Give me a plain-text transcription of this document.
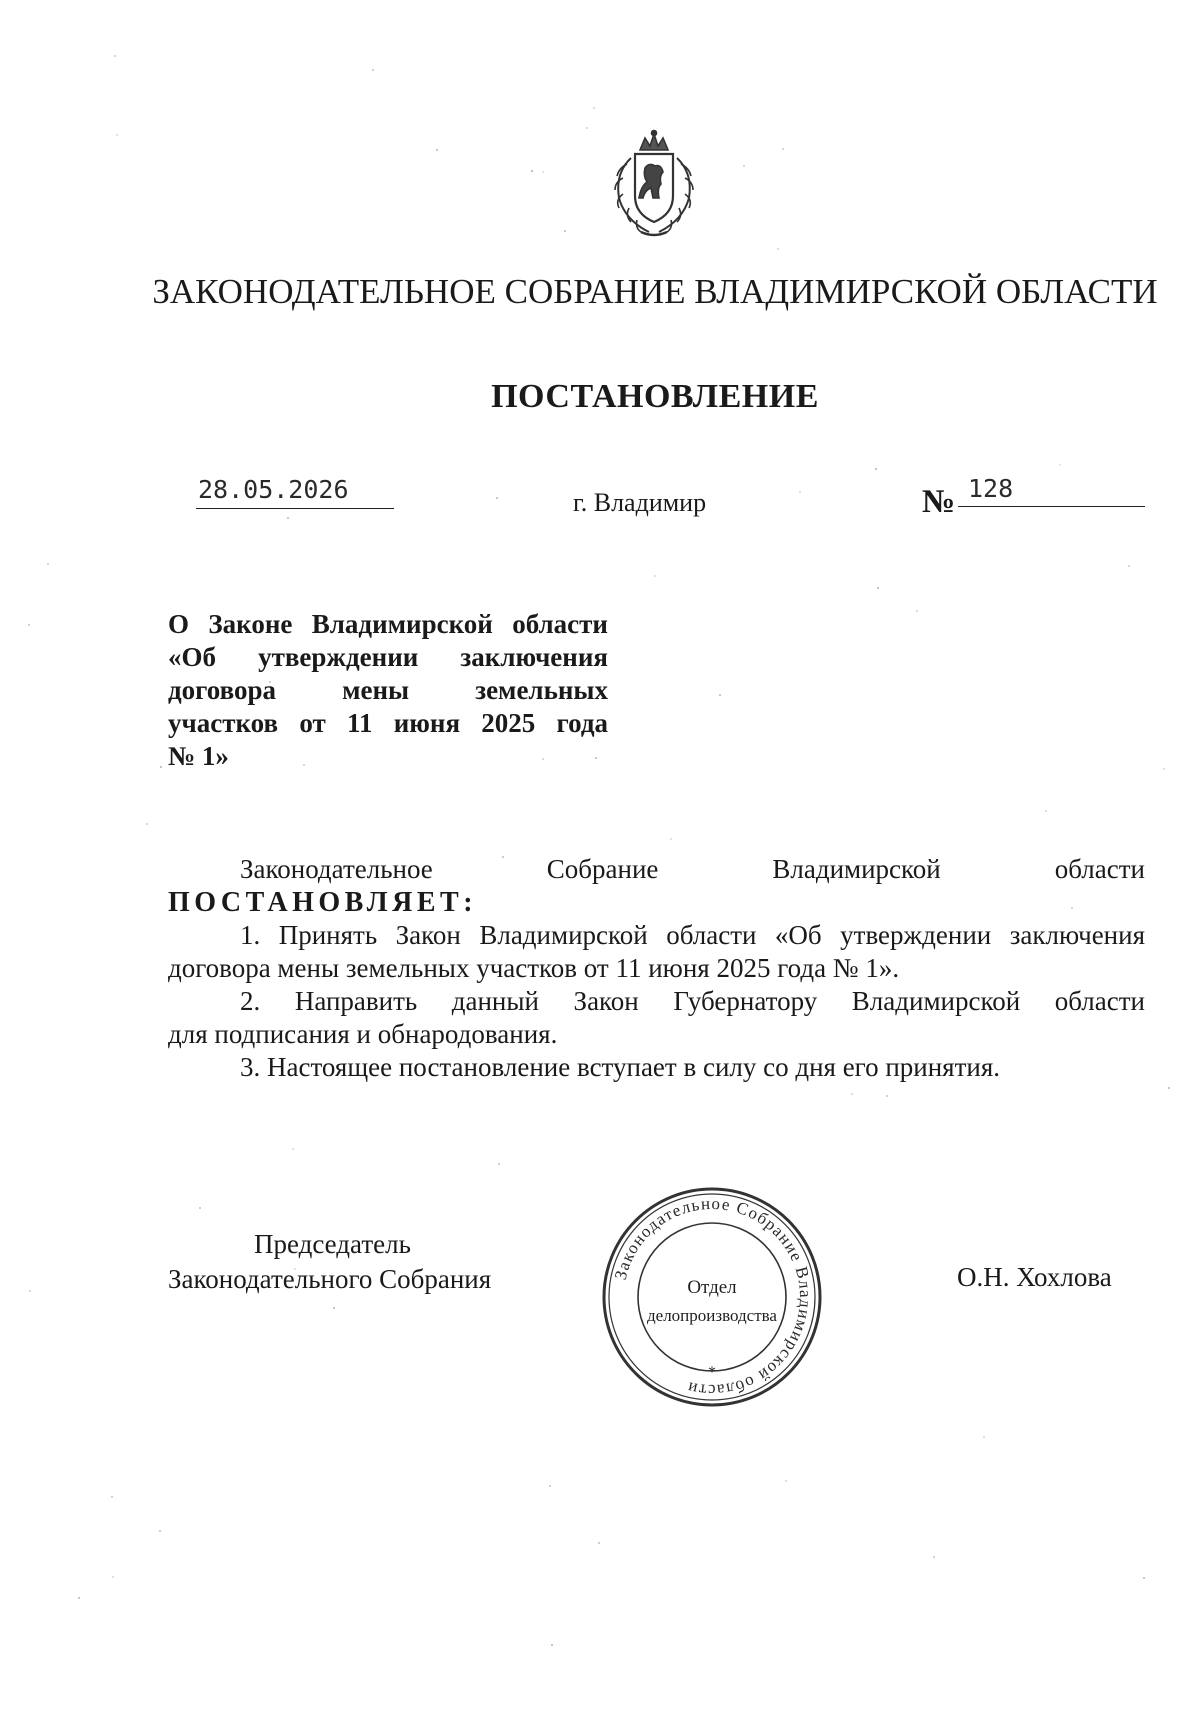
ЗАКОНОДАТЕЛЬНОЕ СОБРАНИЕ ВЛАДИМИРСКОЙ ОБЛАСТИ
ПОСТАНОВЛЕНИЕ
28.05.2026	г. Владимир	№ 128
О Законе Владимирской области
«Об утверждении заключения
договора мены земельных
участков от 11 июня 2025 года
№ 1»
Законодательное	Собрание	Владимирской	области
ПОСТАНОВЛЯЕТ:
1. Принять Закон Владимирской области «Об утверждении заключения
договора мены земельных участков от 11 июня 2025 года № 1».
2. Направить данный Закон Губернатору Владимирской области
для подписания и обнародования.
3. Настоящее постановление вступает в силу со дня его принятия.
Председатель
Законодательного Собрания	О.Н. Хохлова
Законодательное Собрание Владимирской области
*
Отдел
делопроизводства
